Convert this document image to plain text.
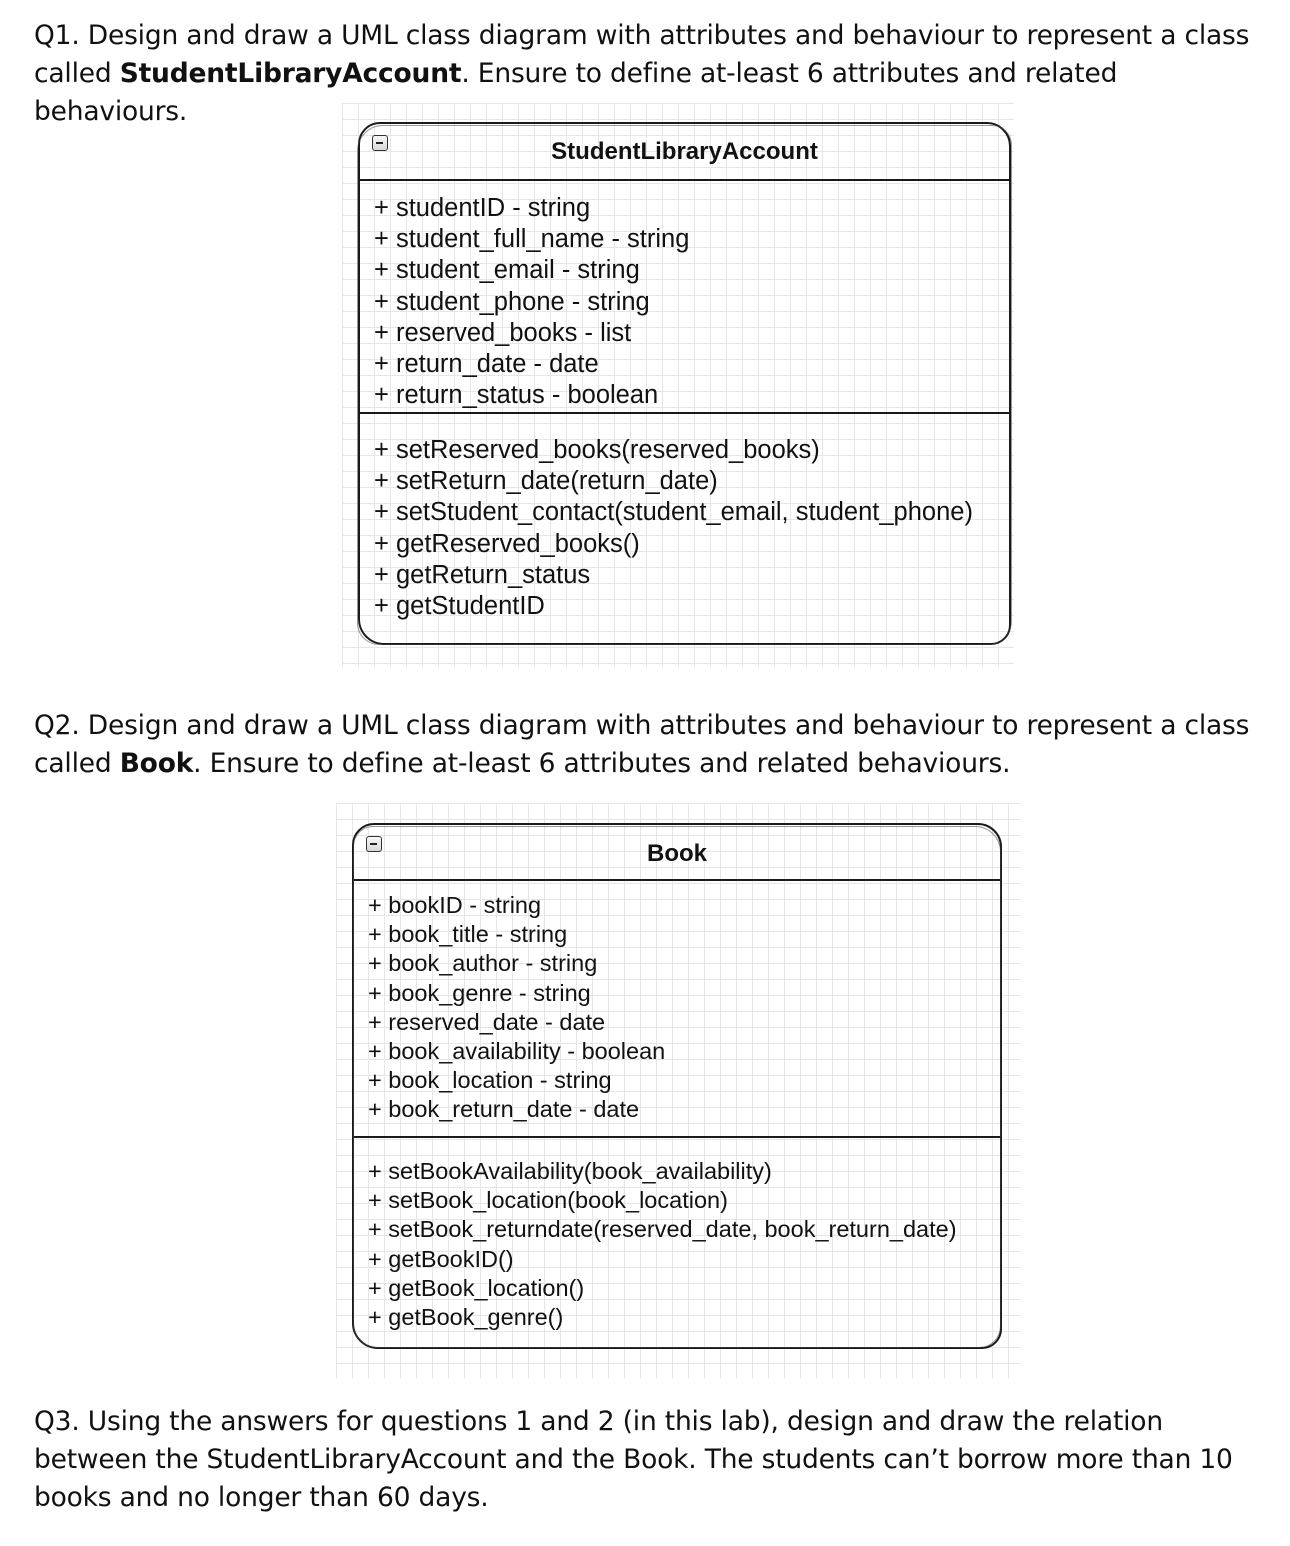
Q1. Design and draw a UML class diagram with attributes and behaviour to represent a class called StudentLibraryAccount. Ensure to define at-least 6 attributes and related behaviours.
StudentLibraryAccount
+ studentID - string
+ student_full_name - string
+ student_email - string
+ student_phone - string
+ reserved_books - list
+ return_date - date
+ return_status - boolean
+ setReserved_books(reserved_books)
+ setReturn_date(return_date)
+ setStudent_contact(student_email, student_phone)
+ getReserved_books()
+ getReturn_status
+ getStudentID
Q2. Design and draw a UML class diagram with attributes and behaviour to represent a class called Book. Ensure to define at-least 6 attributes and related behaviours.
Book
+ bookID - string
+ book_title - string
+ book_author - string
+ book_genre - string
+ reserved_date - date
+ book_availability - boolean
+ book_location - string
+ book_return_date - date
+ setBookAvailability(book_availability)
+ setBook_location(book_location)
+ setBook_returndate(reserved_date, book_return_date)
+ getBookID()
+ getBook_location()
+ getBook_genre()
Q3. Using the answers for questions 1 and 2 (in this lab), design and draw the relation between the StudentLibraryAccount and the Book. The students can’t borrow more than 10 books and no longer than 60 days.
